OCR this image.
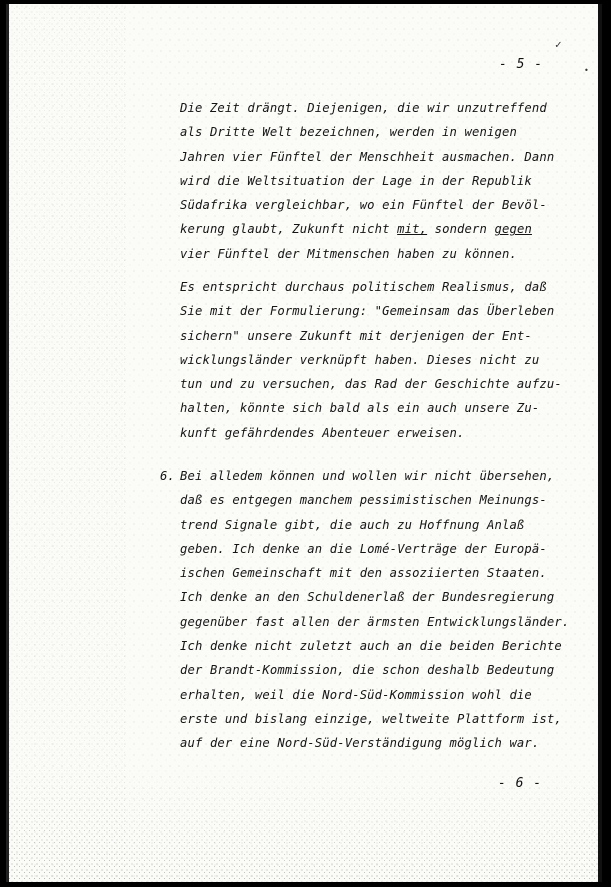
✓
•
- 5 -
Die Zeit drängt. Diejenigen, die wir unzutreffend
als Dritte Welt bezeichnen, werden in wenigen
Jahren vier Fünftel der Menschheit ausmachen. Dann
wird die Weltsituation der Lage in der Republik
Südafrika vergleichbar, wo ein Fünftel der Bevöl-
kerung glaubt, Zukunft nicht mit, sondern gegen
vier Fünftel der Mitmenschen haben zu können.
Es entspricht durchaus politischem Realismus, daß
Sie mit der Formulierung: "Gemeinsam das Überleben
sichern" unsere Zukunft mit derjenigen der Ent-
wicklungsländer verknüpft haben. Dieses nicht zu
tun und zu versuchen, das Rad der Geschichte aufzu-
halten, könnte sich bald als ein auch unsere Zu-
kunft gefährdendes Abenteuer erweisen.
6. Bei alledem können und wollen wir nicht übersehen,
daß es entgegen manchem pessimistischen Meinungs-
trend Signale gibt, die auch zu Hoffnung Anlaß
geben. Ich denke an die Lomé-Verträge der Europä-
ischen Gemeinschaft mit den assoziierten Staaten.
Ich denke an den Schuldenerlaß der Bundesregierung
gegenüber fast allen der ärmsten Entwicklungsländer.
Ich denke nicht zuletzt auch an die beiden Berichte
der Brandt-Kommission, die schon deshalb Bedeutung
erhalten, weil die Nord-Süd-Kommission wohl die
erste und bislang einzige, weltweite Plattform ist,
auf der eine Nord-Süd-Verständigung möglich war.
- 6 -
